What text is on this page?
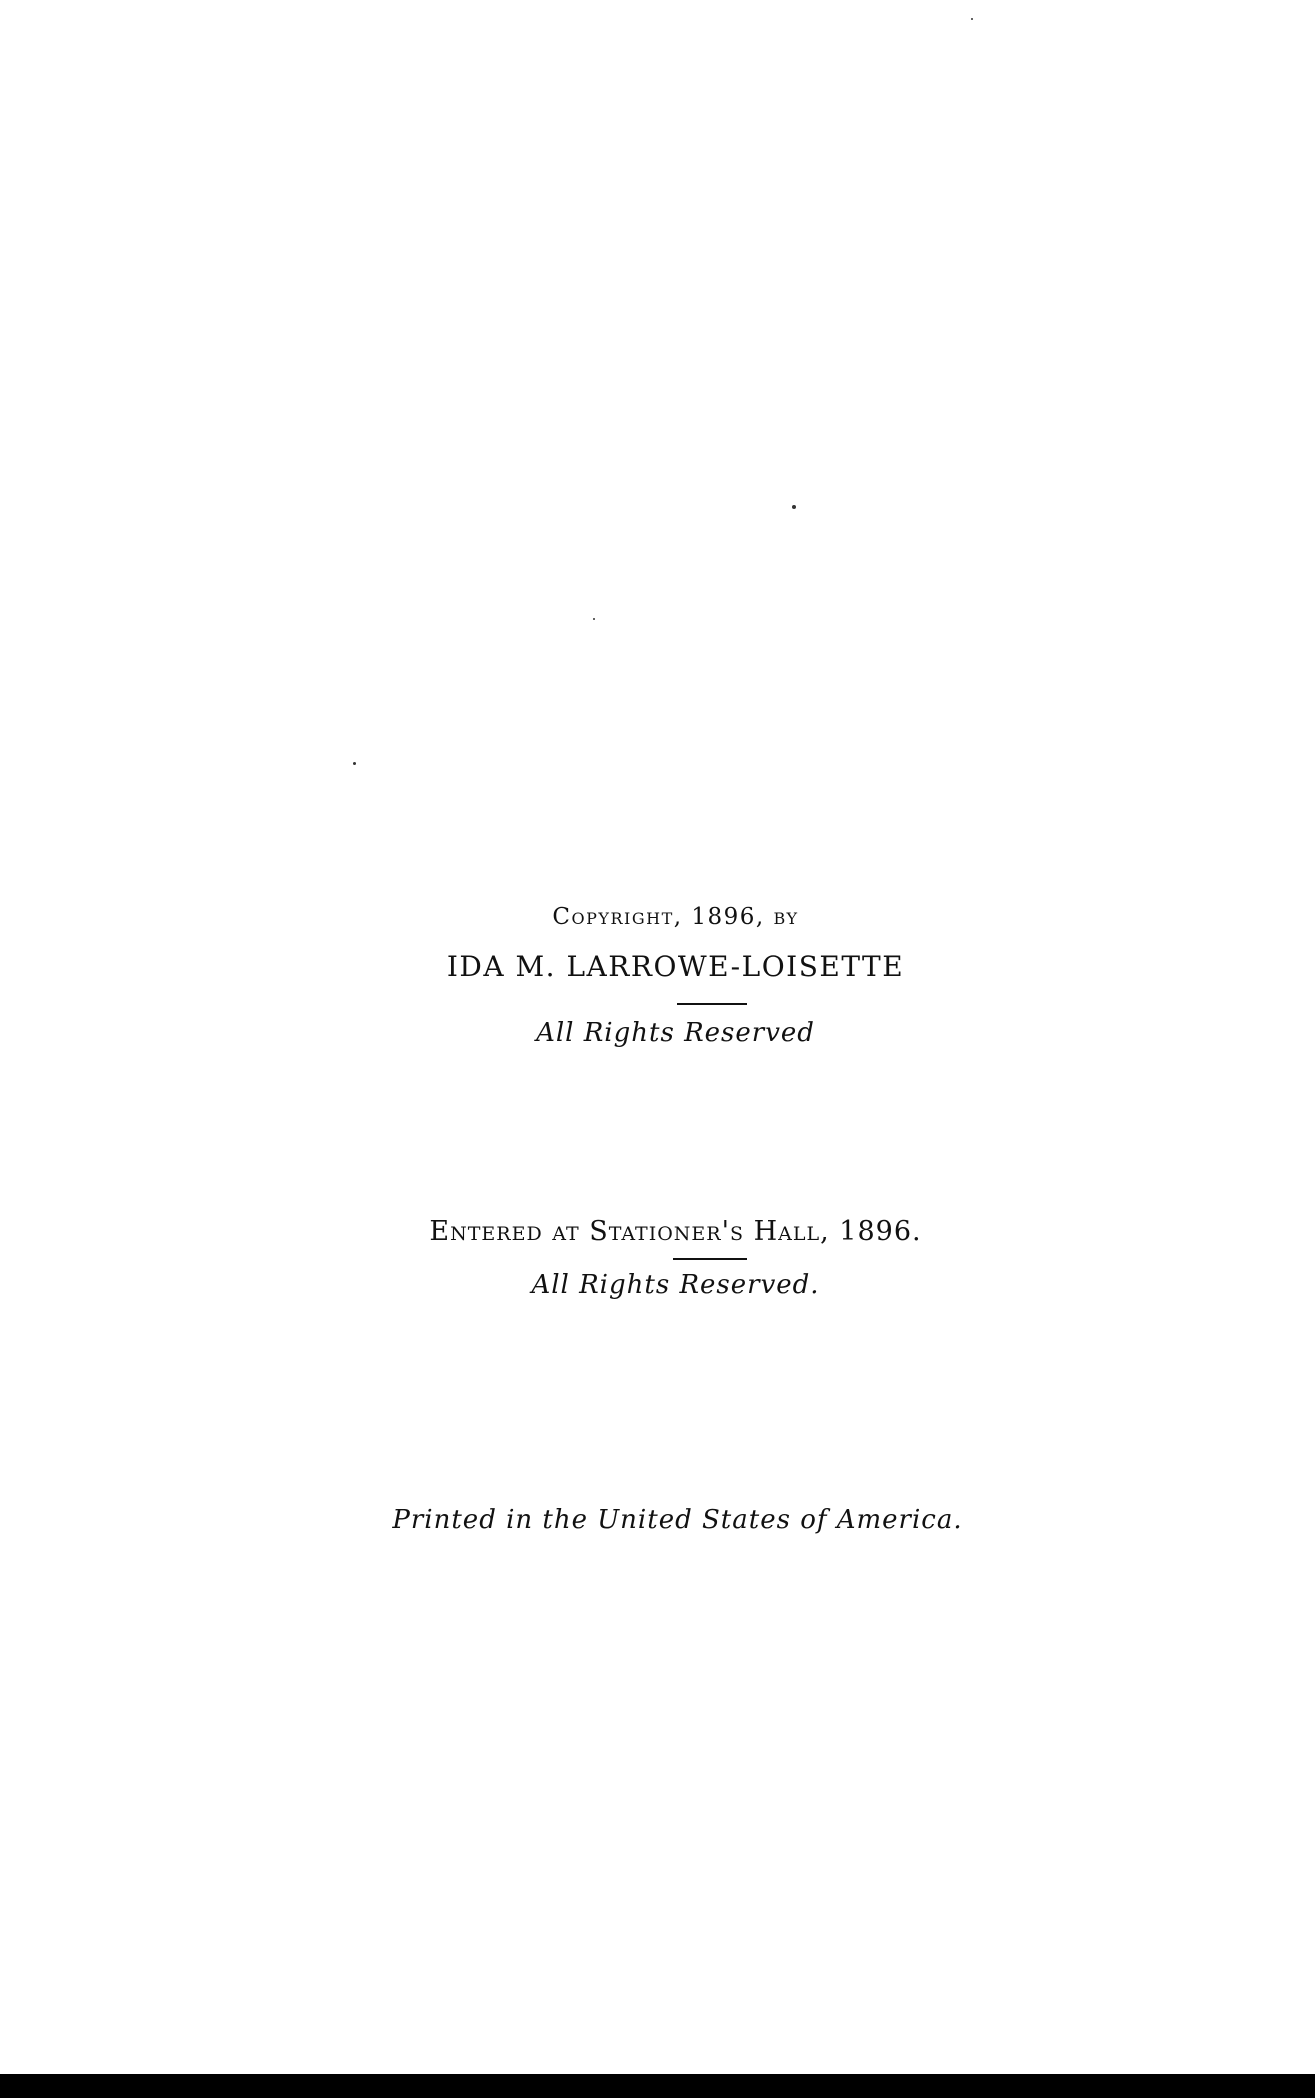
Copyright, 1896, by
IDA M. LARROWE-LOISETTE
All Rights Reserved
Entered at Stationer's Hall, 1896.
All Rights Reserved.
Printed in the United States of America.
